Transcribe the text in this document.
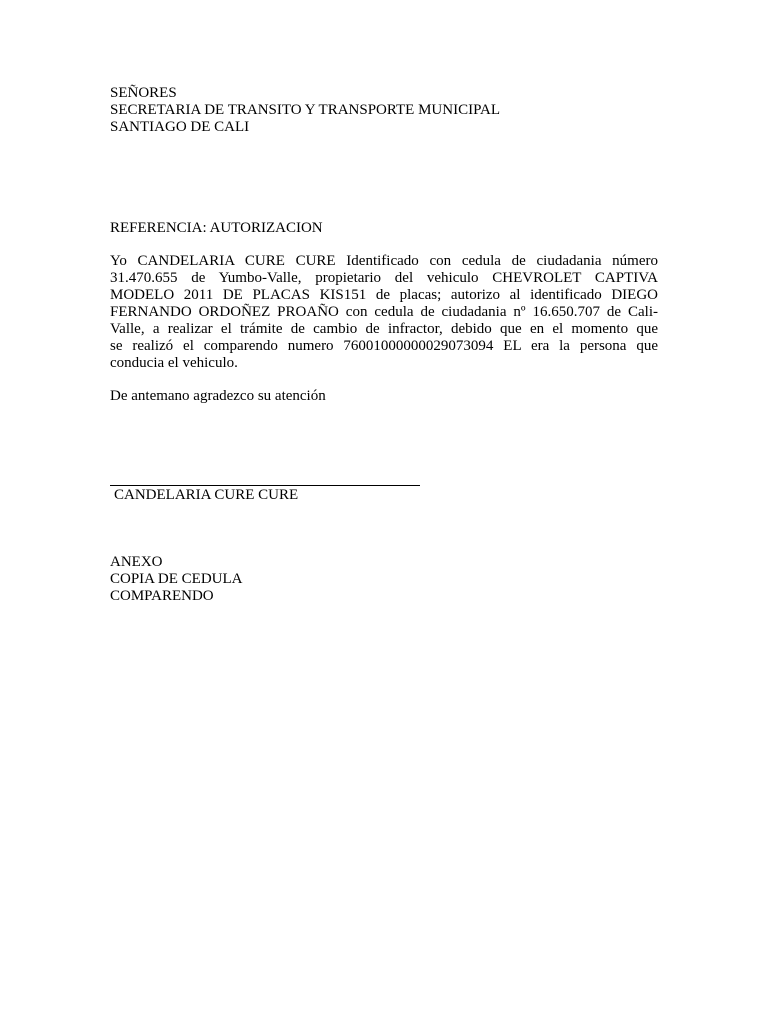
SEÑORES
SECRETARIA DE TRANSITO Y TRANSPORTE MUNICIPAL
SANTIAGO DE CALI
REFERENCIA: AUTORIZACION
Yo CANDELARIA CURE CURE Identificado con cedula de ciudadania número
31.470.655 de Yumbo-Valle, propietario del vehiculo CHEVROLET CAPTIVA
MODELO 2011 DE PLACAS KIS151 de placas; autorizo al identificado DIEGO
FERNANDO ORDOÑEZ PROAÑO con cedula de ciudadania nº 16.650.707 de Cali-
Valle, a realizar el trámite de cambio de infractor, debido que en el momento que
se realizó el comparendo numero 76001000000029073094 EL era la persona que
conducia el vehiculo.
De antemano agradezco su atención
CANDELARIA CURE CURE
ANEXO
COPIA DE CEDULA
COMPARENDO
